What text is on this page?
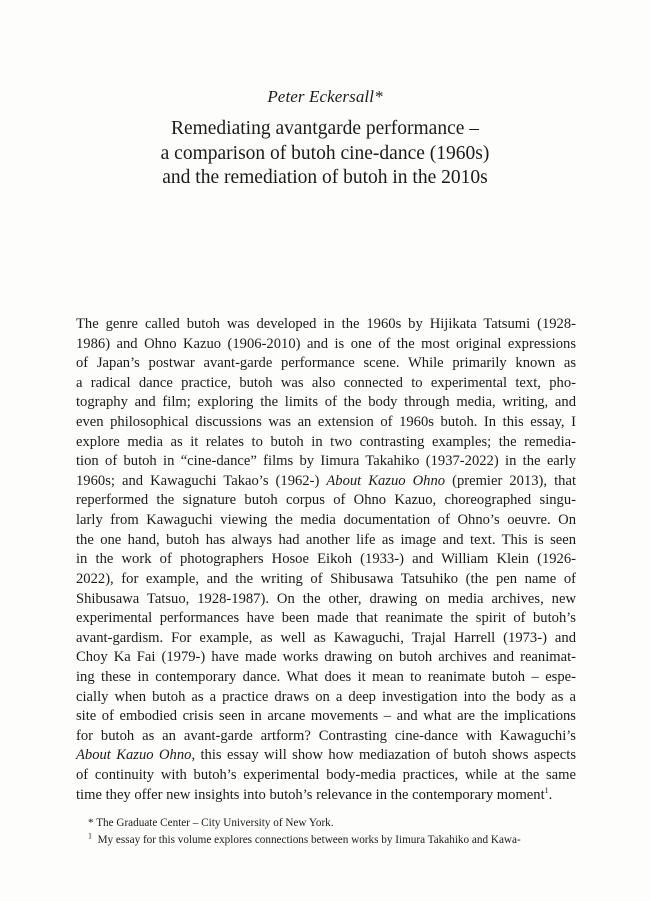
Peter Eckersall*
Remediating avantgarde performance –
a comparison of butoh cine-dance (1960s)
and the remediation of butoh in the 2010s
The genre called butoh was developed in the 1960s by Hijikata Tatsumi (1928-
1986) and Ohno Kazuo (1906-2010) and is one of the most original expressions
of Japan’s postwar avant-garde performance scene. While primarily known as
a radical dance practice, butoh was also connected to experimental text, pho-
tography and film; exploring the limits of the body through media, writing, and
even philosophical discussions was an extension of 1960s butoh. In this essay, I
explore media as it relates to butoh in two contrasting examples; the remedia-
tion of butoh in “cine-dance” films by Iimura Takahiko (1937-2022) in the early
1960s; and Kawaguchi Takao’s (1962-) About Kazuo Ohno (premier 2013), that
reperformed the signature butoh corpus of Ohno Kazuo, choreographed singu-
larly from Kawaguchi viewing the media documentation of Ohno’s oeuvre. On
the one hand, butoh has always had another life as image and text. This is seen
in the work of photographers Hosoe Eikoh (1933-) and William Klein (1926-
2022), for example, and the writing of Shibusawa Tatsuhiko (the pen name of
Shibusawa Tatsuo, 1928-1987). On the other, drawing on media archives, new
experimental performances have been made that reanimate the spirit of butoh’s
avant-gardism. For example, as well as Kawaguchi, Trajal Harrell (1973-) and
Choy Ka Fai (1979-) have made works drawing on butoh archives and reanimat-
ing these in contemporary dance. What does it mean to reanimate butoh – espe-
cially when butoh as a practice draws on a deep investigation into the body as a
site of embodied crisis seen in arcane movements – and what are the implications
for butoh as an avant-garde artform? Contrasting cine-dance with Kawaguchi’s
About Kazuo Ohno, this essay will show how mediazation of butoh shows aspects
of continuity with butoh’s experimental body-media practices, while at the same
time they offer new insights into butoh’s relevance in the contemporary moment$^1$.
* The Graduate Center – City University of New York.
$^1$ My essay for this volume explores connections between works by Iimura Takahiko and Kawa-
